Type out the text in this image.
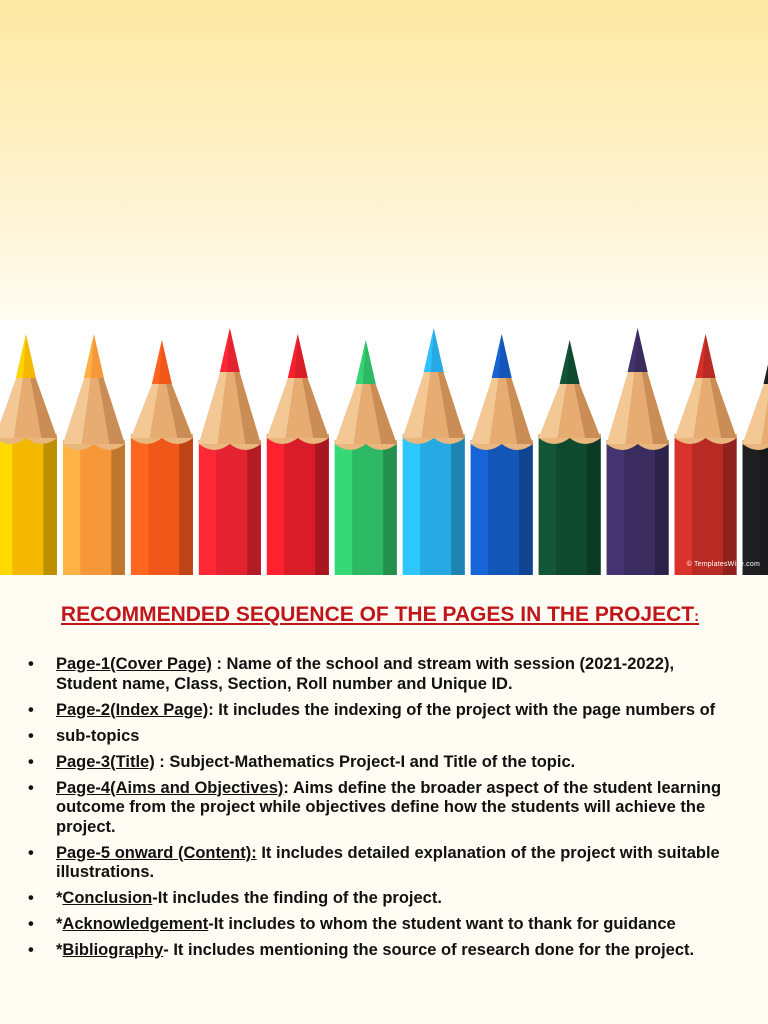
© TemplatesWise.com
RECOMMENDED SEQUENCE OF THE PAGES IN THE PROJECT:
• Page-1(Cover Page) : Name of the school and stream with session (2021-2022), Student name, Class, Section, Roll number and Unique ID.
• Page-2(Index Page): It includes the indexing of the project with the page numbers of
• sub-topics
• Page-3(Title) : Subject-Mathematics Project-I and Title of the topic.
• Page-4(Aims and Objectives): Aims define the broader aspect of the student learning outcome from the project while objectives define how the students will achieve the project.
• Page-5 onward (Content): It includes detailed explanation of the project with suitable illustrations.
• *Conclusion-It includes the finding of the project.
• *Acknowledgement-It includes to whom the student want to thank for guidance
• *Bibliography- It includes mentioning the source of research done for the project.
